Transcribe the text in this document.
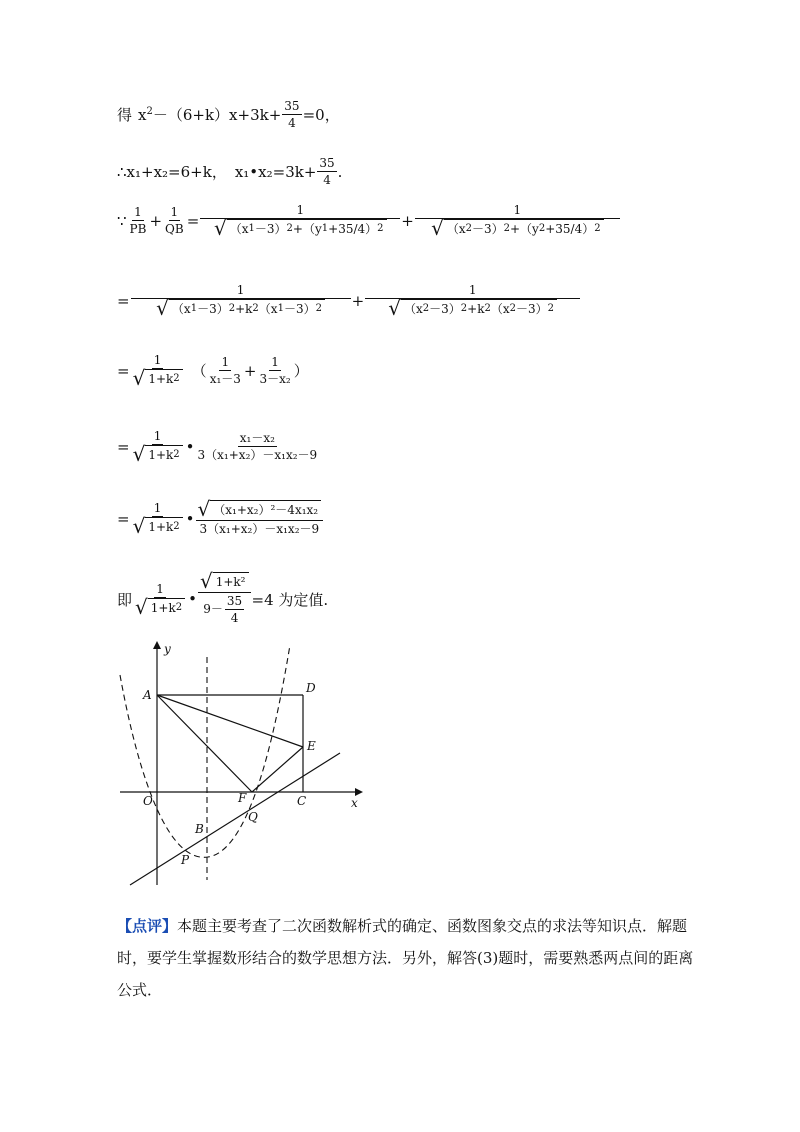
得 $x^2 -(6+k)x+3k+ \frac{35}{4} =0$，
∴x₁+x₂=6+k， x₁•x₂=3k+ $\frac{35}{4}$ .
∵ $\frac{1}{PB} + \frac{1}{QB} = \frac{1}{√ (x 1 -3) 2 +(y 1 +35/4) 2} + \frac{1}{√ (x 2 -3) 2 +(y 2 +35/4) 2}$
= $\frac{1}{√ (x 1 -3) 2 +k 2 (x 1 -3) 2} + \frac{1}{√ (x 2 -3) 2 +k 2 (x 2 -3) 2}$
= $\frac{1}{√ 1+k 2}$ （ $\frac{1}{\text{x₁－3}} + \frac{1}{\text{3－x₂}}$ ）
= $\frac{1}{√ 1+k 2}$ • $\frac{\text{x₁－x₂}}{\text{3（x₁+x₂）－x₁x₂－9}}$
= $\frac{1}{√ 1+k 2}$ • $\frac{\text{√ （x₁+x₂）²－4x₁x₂}}{\text{3（x₁+x₂）－x₁x₂－9}}$
即 $\frac{1}{√ 1+k 2}$ • $\frac{\text{√ 1+k²}}{9- \frac{35}{4}} =4$ 为定值.
A	D
E
F	C
O
B
Q
P
x
y
【点评】本题主要考查了二次函数解析式的确定、函数图象交点的求法等知识点．解题时，要学生掌握数形结合的数学思想方法．另外，解答(3)题时，需要熟悉两点间的距离公式．
